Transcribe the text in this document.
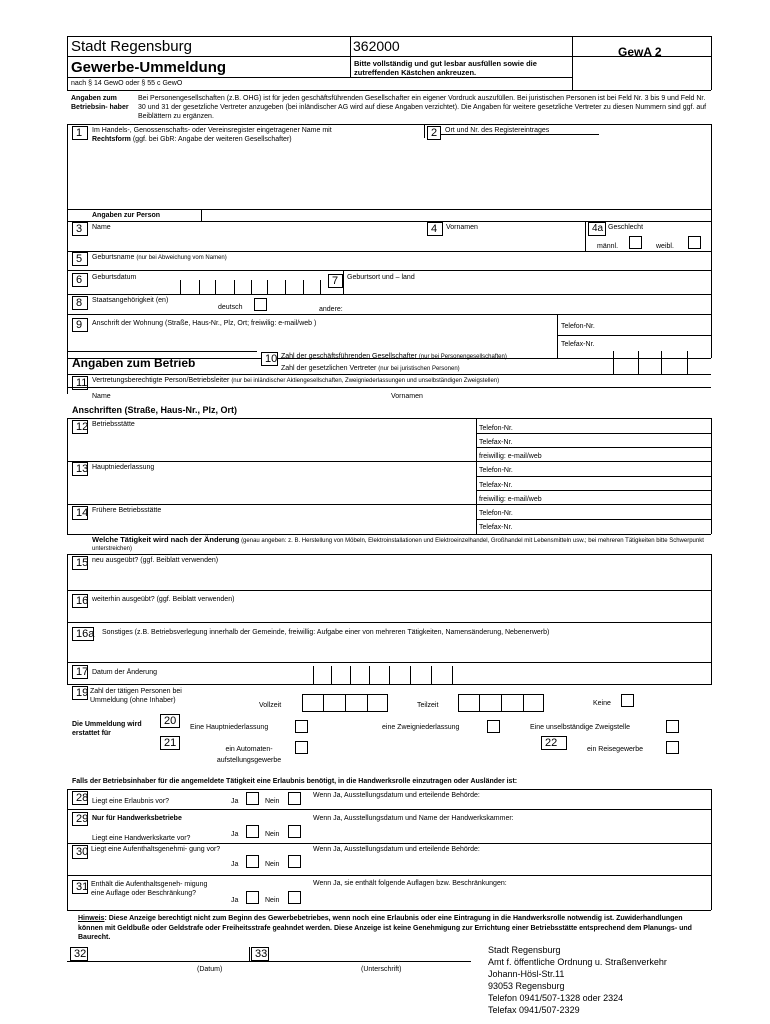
Stadt Regensburg	362000	GewA 2
Gewerbe-Ummeldung	Bitte vollständig und gut lesbar ausfüllen sowie die zutreffenden Kästchen ankreuzen.
nach § 14 GewO oder § 55 c GewO
Angaben zum Betriebsin- haber
Bei Personengesellschaften (z.B. OHG) ist für jeden geschäftsführenden Gesellschafter ein eigener Vordruck auszufüllen. Bei juristischen Personen ist bei Feld Nr. 3 bis 9 und Feld Nr. 30 und 31 der gesetzliche Vertreter anzugeben (bei inländischer AG wird auf diese Angaben verzichtet). Die Angaben für weitere gesetzliche Vertreter zu diesen Nummern sind ggf. auf Beiblättern zu ergänzen.
1	Im Handels-, Genossenschafts- oder Vereinsregister eingetragener Name mit
Rechtsform (ggf. bei GbR: Angabe der weiteren Gesellschafter)
2	Ort und Nr. des Registereintrages
Angaben zur Person
3	Name	4	Vornamen	4a Geschlecht
männl.	weibl.
5	Geburtsname (nur bei Abweichung vom Namen)
6	Geburtsdatum	7	Geburtsort und – land
8	Staatsangehörigkeit (en)
deutsch	andere:
9	Anschrift der Wohnung (Straße, Haus-Nr., Plz, Ort; freiwilig: e-mail/web )	Telefon-Nr.
Telefax-Nr.
Angaben zum Betrieb	10 Zahl der geschäftsführenden Gesellschafter (nur bei Personengesellschaften)
Zahl der gesetzlichen Vertreter (nur bei juristischen Personen)
11 Vertretungsberechtigte Person/Betriebsleiter (nur bei inländischer Aktiengesellschaften, Zweigniederlassungen und unselbständigen Zweigstellen)
Name	Vornamen
Anschriften (Straße, Haus-Nr., Plz, Ort)
12 Betriebsstätte
Telefon-Nr.
Telefax-Nr.
freiwillig: e-mail/web
13 Hauptniederlassung	Telefon-Nr.
Telefax-Nr.
freiwillig: e-mail/web
14 Frühere Betriebsstätte	Telefon-Nr.
Telefax-Nr.
Welche Tätigkeit wird nach der Änderung (genau angeben: z. B. Herstellung von Möbeln, Elektroinstallationen und Elektroeinzelhandel, Großhandel mit Lebensmitteln usw.; bei mehreren Tätigkeiten bitte Schwerpunkt unterstreichen)
15 neu ausgeübt? (ggf. Beiblatt verwenden)
16 weiterhin ausgeübt? (ggf. Beiblatt verwenden)
16a Sonstiges (z.B. Betriebsverlegung innerhalb der Gemeinde, freiwillig: Aufgabe einer von mehreren Tätigkeiten, Namensänderung, Nebenerwerb)
17 Datum der Änderung
19 Zahl der tätigen Personen bei Ummeldung (ohne Inhaber)
Vollzeit	Teilzeit	Keine
Die Ummeldung wird erstattet für
20
Eine Hauptniederlassung	eine Zweigniederlassung	Eine unselbständige Zweigstelle
21
ein Automaten- aufstellungsgewerbe
22
ein Reisegewerbe
Falls der Betriebsinhaber für die angemeldete Tätigkeit eine Erlaubnis benötigt, in die Handwerksrolle einzutragen oder Ausländer ist:
28 Liegt eine Erlaubnis vor?	Ja	Nein
Wenn Ja, Ausstellungsdatum und erteilende Behörde:
29 Nur für Handwerksbetriebe
Liegt eine Handwerkskarte vor?
Ja	Nein
Wenn Ja, Ausstellungsdatum und Name der Handwerkskammer:
30 Liegt eine Aufenthaltsgenehmi- gung vor?
Ja	Nein
Wenn Ja, Ausstellungsdatum und erteilende Behörde:
31 Enthält die Aufenthaltsgeneh- migung eine Auflage oder Beschränkung?
Ja	Nein
Wenn Ja, sie enthält folgende Auflagen bzw. Beschränkungen:
Hinweis: Diese Anzeige berechtigt nicht zum Beginn des Gewerbebetriebes, wenn noch eine Erlaubnis oder eine Eintragung in die Handwerksrolle notwendig ist. Zuwiderhandlungen können mit Geldbuße oder Geldstrafe oder Freiheitsstrafe geahndet werden. Diese Anzeige ist keine Genehmigung zur Errichtung einer Betriebsstätte entsprechend dem Planungs- und Baurecht.
32	33
(Datum)	(Unterschrift)
Stadt Regensburg
Amt f. öffentliche Ordnung u. Straßenverkehr
Johann-Hösl-Str.11
93053 Regensburg
Telefon 0941/507-1328 oder 2324
Telefax 0941/507-2329
